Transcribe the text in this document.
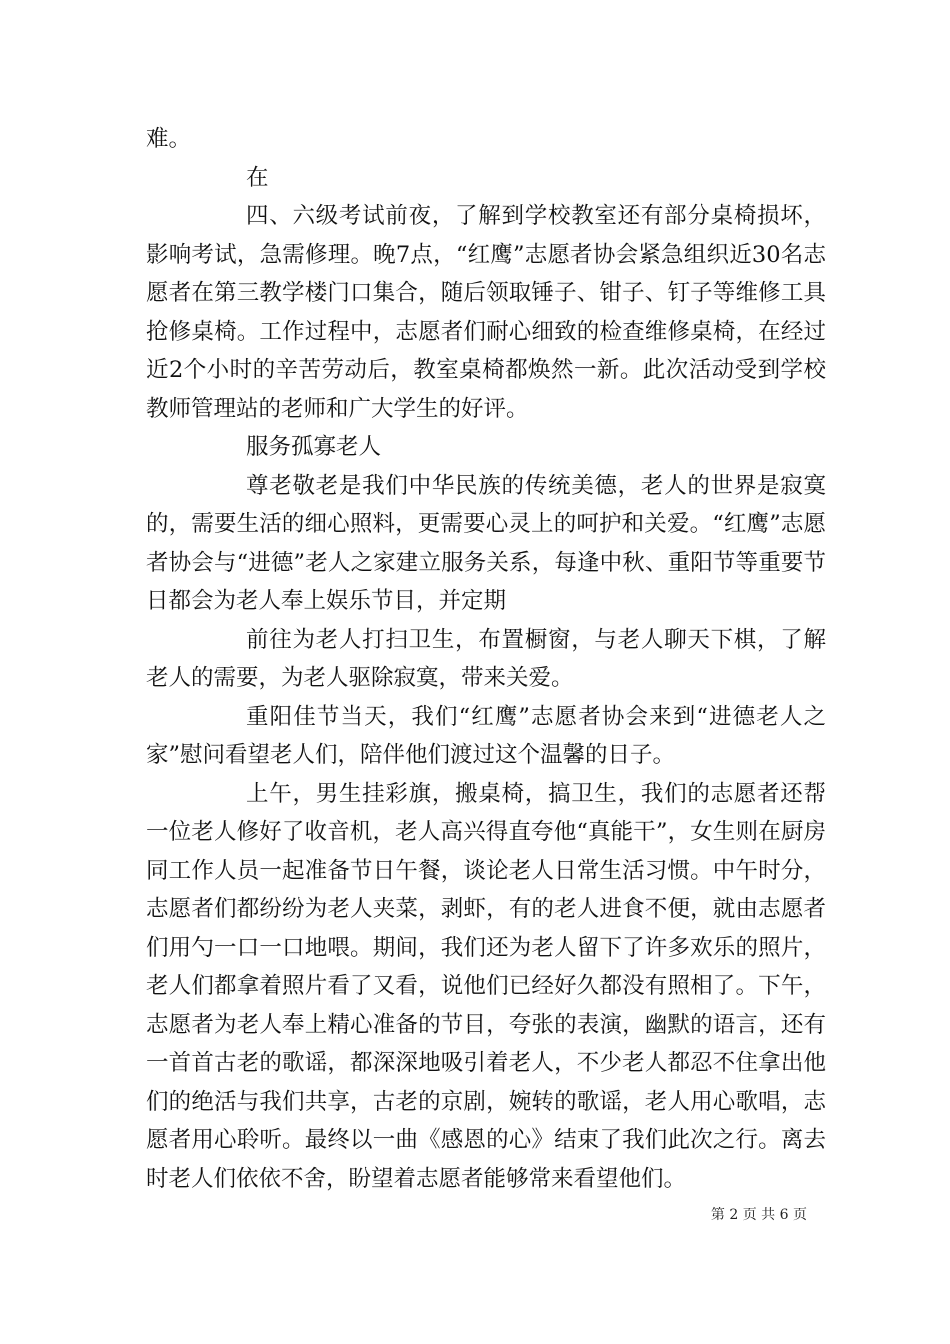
难。

在

四、六级考试前夜，了解到学校教室还有部分桌椅损坏，影响考试，急需修理。晚7点，“红鹰”志愿者协会紧急组织近30名志愿者在第三教学楼门口集合，随后领取锤子、钳子、钉子等维修工具抢修桌椅。工作过程中，志愿者们耐心细致的检查维修桌椅，在经过近2个小时的辛苦劳动后，教室桌椅都焕然一新。此次活动受到学校教师管理站的老师和广大学生的好评。

服务孤寡老人

尊老敬老是我们中华民族的传统美德，老人的世界是寂寞的，需要生活的细心照料，更需要心灵上的呵护和关爱。“红鹰”志愿者协会与“进德”老人之家建立服务关系，每逢中秋、重阳节等重要节日都会为老人奉上娱乐节目，并定期

前往为老人打扫卫生，布置橱窗，与老人聊天下棋，了解老人的需要，为老人驱除寂寞，带来关爱。

重阳佳节当天，我们“红鹰”志愿者协会来到“进德老人之家”慰问看望老人们，陪伴他们渡过这个温馨的日子。

上午，男生挂彩旗，搬桌椅，搞卫生，我们的志愿者还帮一位老人修好了收音机，老人高兴得直夸他“真能干”，女生则在厨房同工作人员一起准备节日午餐，谈论老人日常生活习惯。中午时分，志愿者们都纷纷为老人夹菜，剥虾，有的老人进食不便，就由志愿者们用勺一口一口地喂。期间，我们还为老人留下了许多欢乐的照片，老人们都拿着照片看了又看，说他们已经好久都没有照相了。下午，志愿者为老人奉上精心准备的节目，夸张的表演，幽默的语言，还有一首首古老的歌谣，都深深地吸引着老人，不少老人都忍不住拿出他们的绝活与我们共享，古老的京剧，婉转的歌谣，老人用心歌唱，志愿者用心聆听。最终以一曲《感恩的心》结束了我们此次之行。离去时老人们依依不舍，盼望着志愿者能够常来看望他们。

第 2 页 共 6 页
